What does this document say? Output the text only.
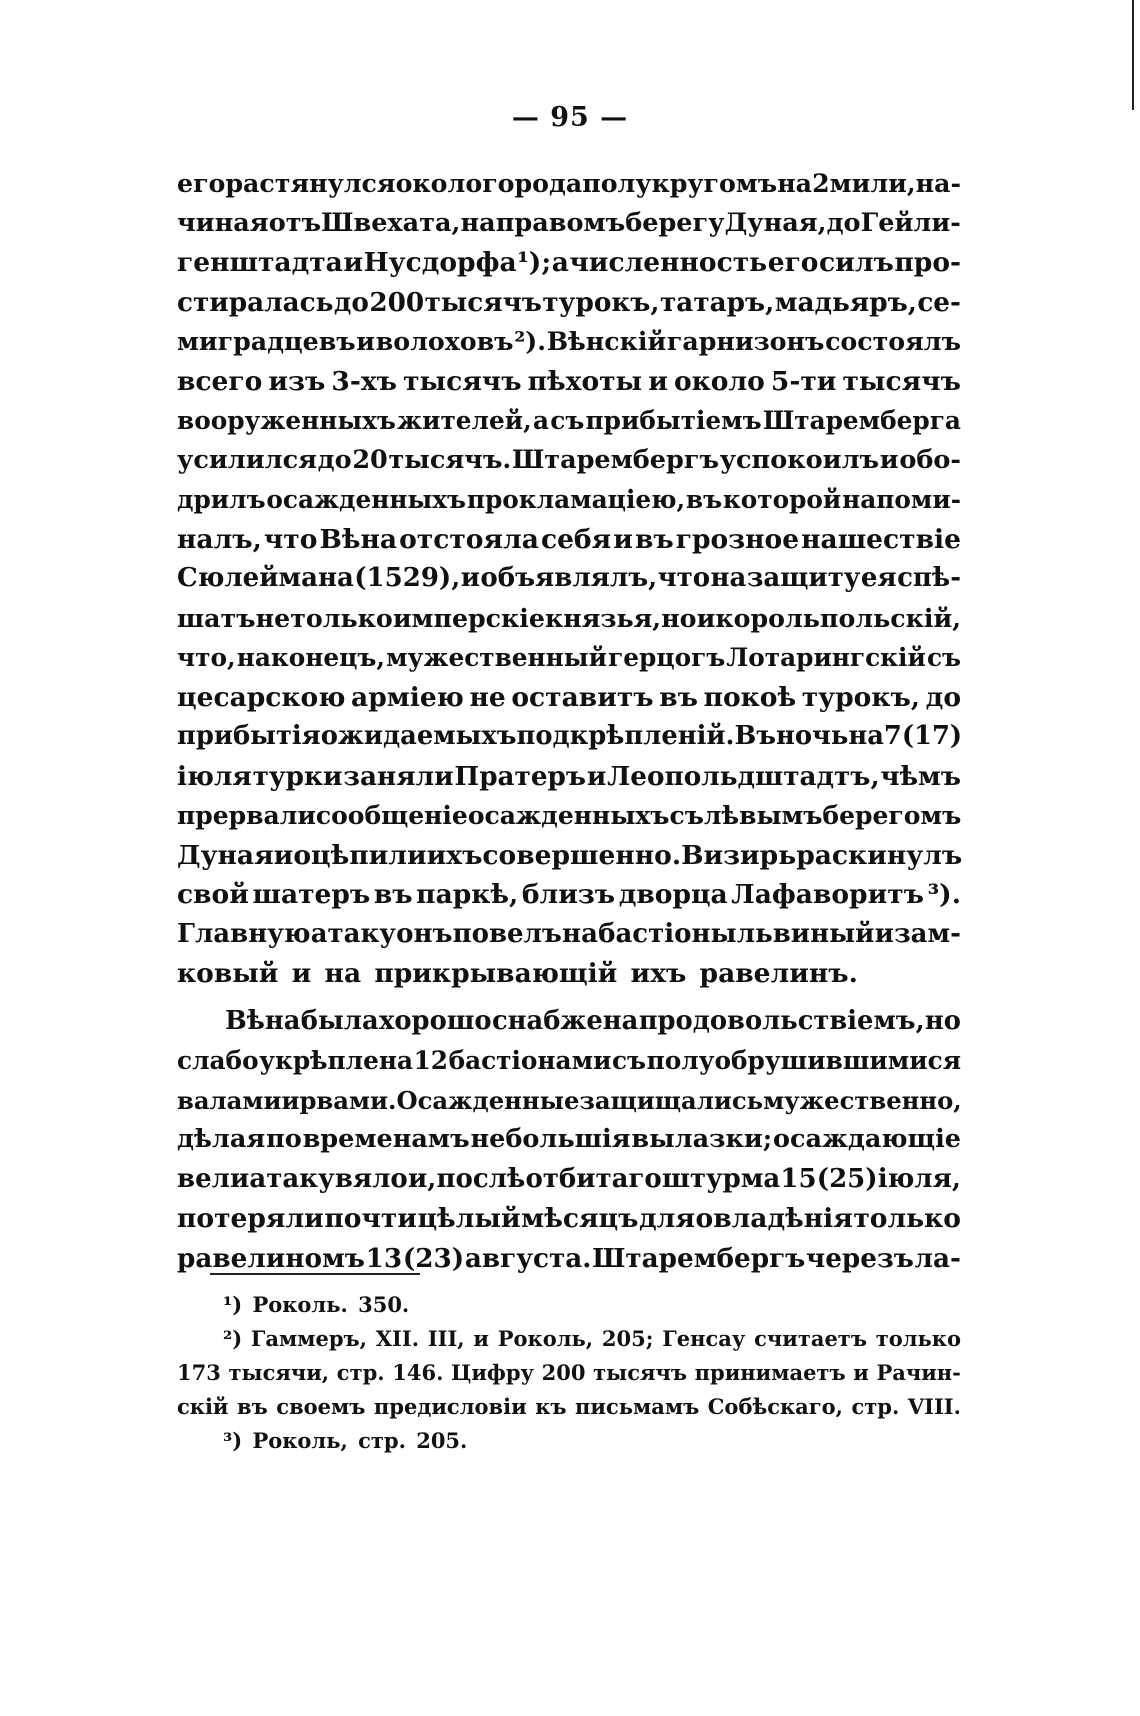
— 95 —
его растянулся около города полукругомъ на 2 мили, на-
чиная отъ Швехата, на правомъ берегу Дуная, до Гейли-
генштадта и Нусдорфа ¹); а численность его силъ про-
стиралась до 200 тысячъ турокъ, татаръ, мадьяръ, се-
миградцевъ и волоховъ ²). Вѣнскій гарнизонъ состоялъ
всего изъ 3-хъ тысячъ пѣхоты и около 5-ти тысячъ
вооруженныхъ жителей, а съ прибытіемъ Штаремберга
усилился до 20 тысячъ. Штарембергъ успокоилъ и обо-
дрилъ осажденныхъ прокламаціею, въ которой напоми-
налъ, что Вѣна отстояла себя и въ грозное нашествіе
Сюлеймана (1529), и объявлялъ, что на защиту ея спѣ-
шатъ не только имперскіе князья, но и король польскій,
что, наконецъ, мужественный герцогъ Лотарингскій съ
цесарскою арміею не оставитъ въ покоѣ турокъ, до
прибытія ожидаемыхъ подкрѣпленій. Въ ночь на 7 (17)
іюля турки заняли Пратеръ и Леопольдштадтъ, чѣмъ
прервали сообщеніе осажденныхъ съ лѣвымъ берегомъ
Дуная и оцѣпили ихъ совершенно. Визирь раскинулъ
свой шатеръ въ паркѣ, близъ дворца Лафаворитъ ³).
Главную атаку онъ повелъ на бастіоны львиный и зам-
ковый и на прикрывающій ихъ равелинъ.
Вѣна была хорошо снабжена продовольствіемъ, но
слабо укрѣплена 12 бастіонами съ полуобрушившимися
валами и рвами. Осажденные защищались мужественно,
дѣлая по временамъ небольшія вылазки; осаждающіе
вели атаку вяло и, послѣ отбитаго штурма 15 (25) іюля,
потеряли почти цѣлый мѣсяцъ для овладѣнія только
равелиномъ 13 (23) августа. Штарембергъ черезъ ла-
¹) Роколь. 350.
²) Гаммеръ, XII. III, и Роколь, 205; Генсау считаетъ только
173 тысячи, стр. 146. Цифру 200 тысячъ принимаетъ и Рачин-
скій въ своемъ предисловіи къ письмамъ Собѣскаго, стр. VIII.
³) Роколь, стр. 205.
